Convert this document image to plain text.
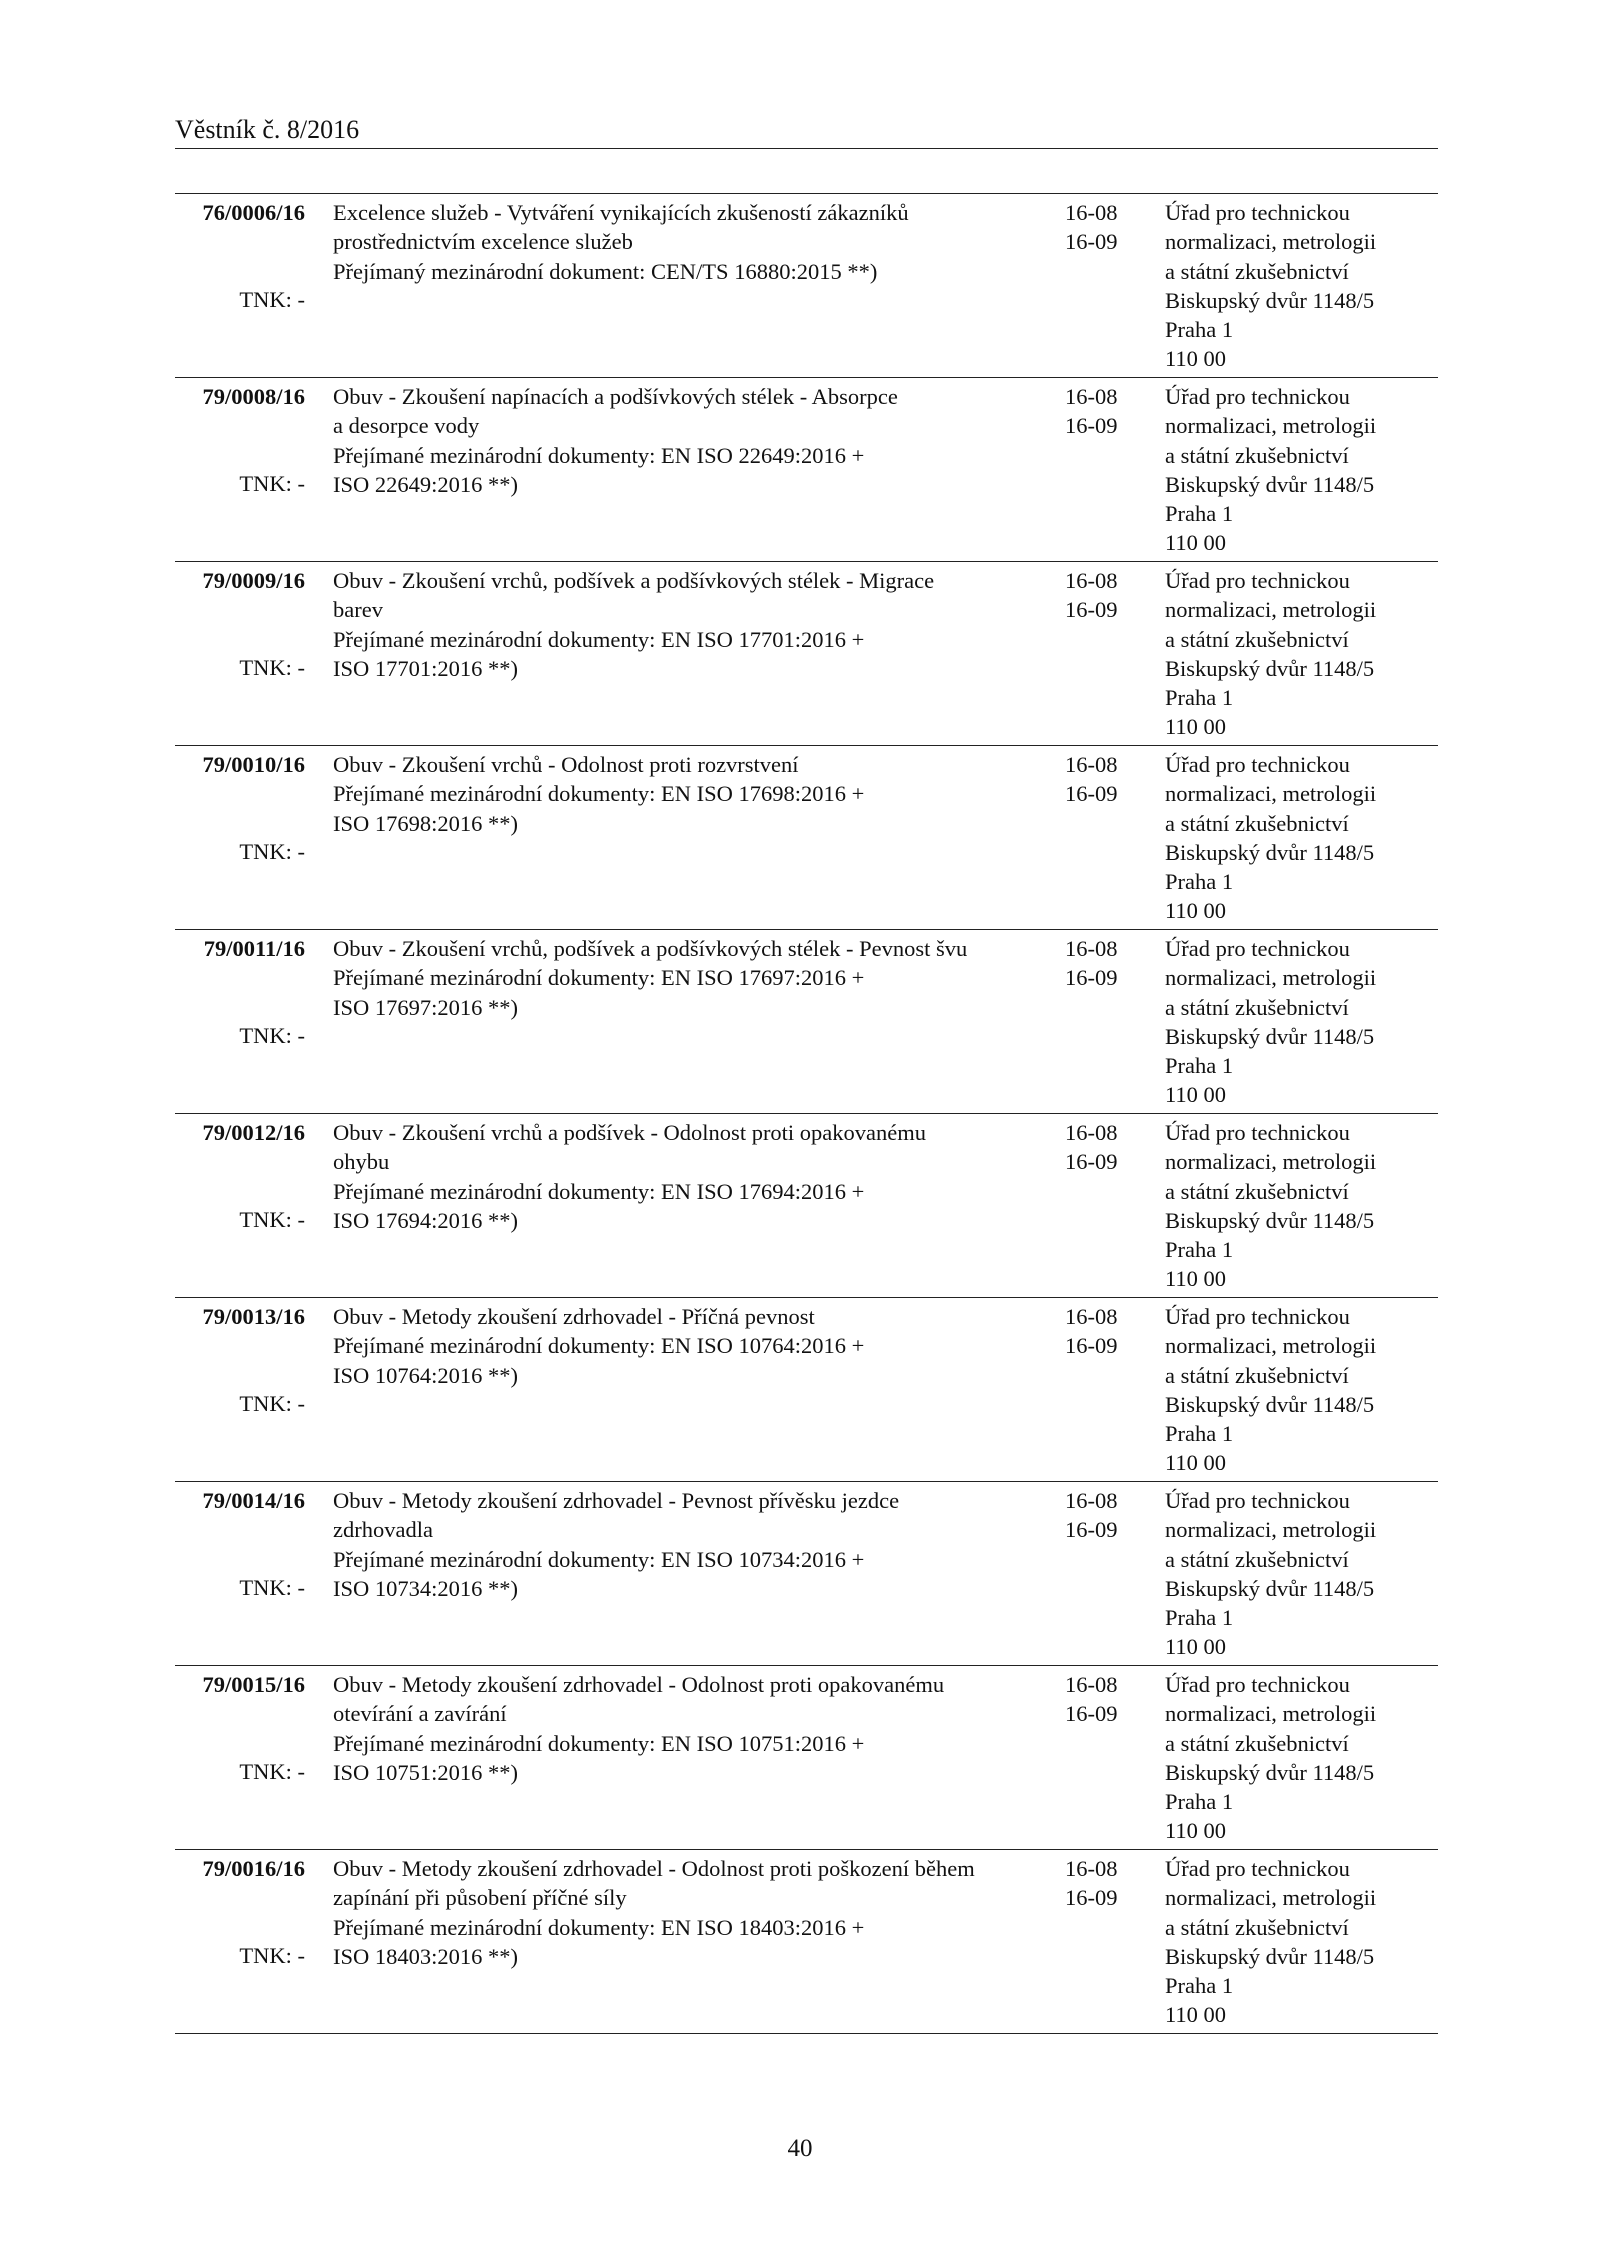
Věstník č. 8/2016
76/0006/16
TNK: -
Excelence služeb - Vytváření vynikajících zkušeností zákazníků
prostřednictvím excelence služeb
Přejímaný mezinárodní dokument: CEN/TS 16880:2015 **)
16-08
16-09
Úřad pro technickou
normalizaci, metrologii
a státní zkušebnictví
Biskupský dvůr 1148/5
Praha 1
110 00
79/0008/16
TNK: -
Obuv - Zkoušení napínacích a podšívkových stélek - Absorpce
a desorpce vody
Přejímané mezinárodní dokumenty: EN ISO 22649:2016 +
ISO 22649:2016 **)
16-08
16-09
Úřad pro technickou
normalizaci, metrologii
a státní zkušebnictví
Biskupský dvůr 1148/5
Praha 1
110 00
79/0009/16
TNK: -
Obuv - Zkoušení vrchů, podšívek a podšívkových stélek - Migrace
barev
Přejímané mezinárodní dokumenty: EN ISO 17701:2016 +
ISO 17701:2016 **)
16-08
16-09
Úřad pro technickou
normalizaci, metrologii
a státní zkušebnictví
Biskupský dvůr 1148/5
Praha 1
110 00
79/0010/16
TNK: -
Obuv - Zkoušení vrchů - Odolnost proti rozvrstvení
Přejímané mezinárodní dokumenty: EN ISO 17698:2016 +
ISO 17698:2016 **)
16-08
16-09
Úřad pro technickou
normalizaci, metrologii
a státní zkušebnictví
Biskupský dvůr 1148/5
Praha 1
110 00
79/0011/16
TNK: -
Obuv - Zkoušení vrchů, podšívek a podšívkových stélek - Pevnost švu
Přejímané mezinárodní dokumenty: EN ISO 17697:2016 +
ISO 17697:2016 **)
16-08
16-09
Úřad pro technickou
normalizaci, metrologii
a státní zkušebnictví
Biskupský dvůr 1148/5
Praha 1
110 00
79/0012/16
TNK: -
Obuv - Zkoušení vrchů a podšívek - Odolnost proti opakovanému
ohybu
Přejímané mezinárodní dokumenty: EN ISO 17694:2016 +
ISO 17694:2016 **)
16-08
16-09
Úřad pro technickou
normalizaci, metrologii
a státní zkušebnictví
Biskupský dvůr 1148/5
Praha 1
110 00
79/0013/16
TNK: -
Obuv - Metody zkoušení zdrhovadel - Příčná pevnost
Přejímané mezinárodní dokumenty: EN ISO 10764:2016 +
ISO 10764:2016 **)
16-08
16-09
Úřad pro technickou
normalizaci, metrologii
a státní zkušebnictví
Biskupský dvůr 1148/5
Praha 1
110 00
79/0014/16
TNK: -
Obuv - Metody zkoušení zdrhovadel - Pevnost přívěsku jezdce
zdrhovadla
Přejímané mezinárodní dokumenty: EN ISO 10734:2016 +
ISO 10734:2016 **)
16-08
16-09
Úřad pro technickou
normalizaci, metrologii
a státní zkušebnictví
Biskupský dvůr 1148/5
Praha 1
110 00
79/0015/16
TNK: -
Obuv - Metody zkoušení zdrhovadel - Odolnost proti opakovanému
otevírání a zavírání
Přejímané mezinárodní dokumenty: EN ISO 10751:2016 +
ISO 10751:2016 **)
16-08
16-09
Úřad pro technickou
normalizaci, metrologii
a státní zkušebnictví
Biskupský dvůr 1148/5
Praha 1
110 00
79/0016/16
TNK: -
Obuv - Metody zkoušení zdrhovadel - Odolnost proti poškození během
zapínání při působení příčné síly
Přejímané mezinárodní dokumenty: EN ISO 18403:2016 +
ISO 18403:2016 **)
16-08
16-09
Úřad pro technickou
normalizaci, metrologii
a státní zkušebnictví
Biskupský dvůr 1148/5
Praha 1
110 00
40
